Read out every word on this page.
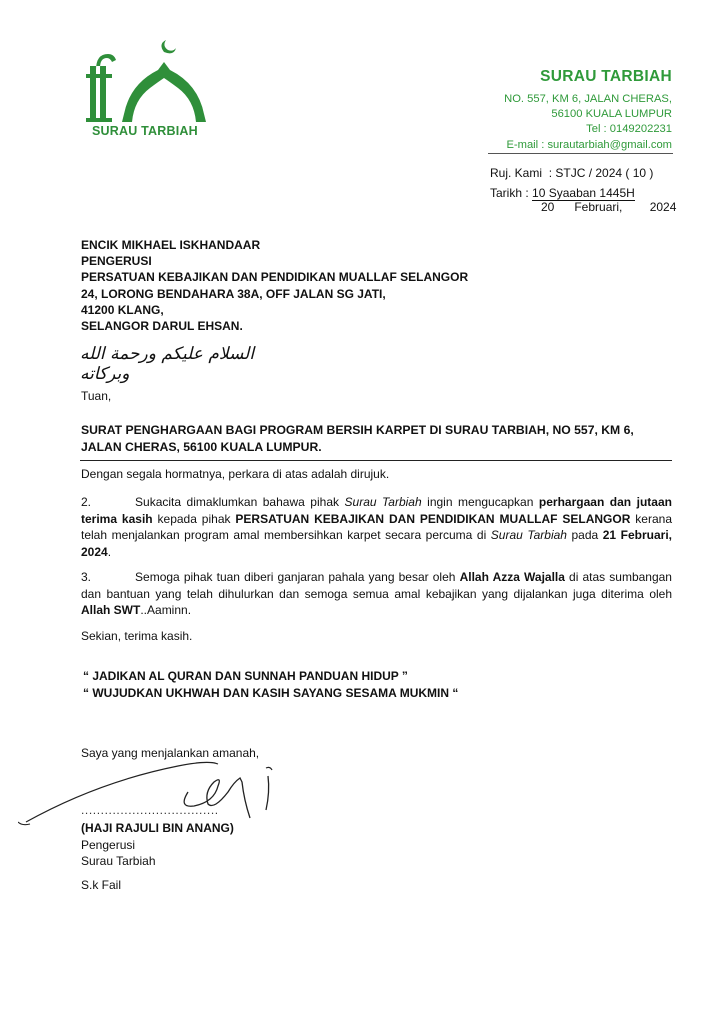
SURAU TARBIAH
SURAU TARBIAH
NO. 557, KM 6, JALAN CHERAS,
56100 KUALA LUMPUR
Tel : 0149202231
E-mail : surautarbiah@gmail.com
Ruj. Kami : STJC / 2024 ( 10 )
Tarikh : 10 Syaaban 1445H
20 Februari, 2024
ENCIK MIKHAEL ISKHANDAAR
PENGERUSI
PERSATUAN KEBAJIKAN DAN PENDIDIKAN MUALLAF SELANGOR
24, LORONG BENDAHARA 38A, OFF JALAN SG JATI,
41200 KLANG,
SELANGOR DARUL EHSAN.
السلام عليكم ورحمة الله وبركاته
Tuan,
SURAT PENGHARGAAN BAGI PROGRAM BERSIH KARPET DI SURAU TARBIAH, NO 557, KM 6, JALAN CHERAS, 56100 KUALA LUMPUR.
Dengan segala hormatnya, perkara di atas adalah dirujuk.
2.	Sukacita dimaklumkan bahawa pihak Surau Tarbiah ingin mengucapkan perhargaan dan jutaan terima kasih kepada pihak PERSATUAN KEBAJIKAN DAN PENDIDIKAN MUALLAF SELANGOR kerana telah menjalankan program amal membersihkan karpet secara percuma di Surau Tarbiah pada 21 Februari, 2024.
3.	Semoga pihak tuan diberi ganjaran pahala yang besar oleh Allah Azza Wajalla di atas sumbangan dan bantuan yang telah dihulurkan dan semoga semua amal kebajikan yang dijalankan juga diterima oleh Allah SWT..Aaminn.
Sekian, terima kasih.
“ JADIKAN AL QURAN DAN SUNNAH PANDUAN HIDUP ”
“ WUJUDKAN UKHWAH DAN KASIH SAYANG SESAMA MUKMIN “
Saya yang menjalankan amanah,
...................................
(HAJI RAJULI BIN ANANG)
Pengerusi
Surau Tarbiah
S.k Fail
